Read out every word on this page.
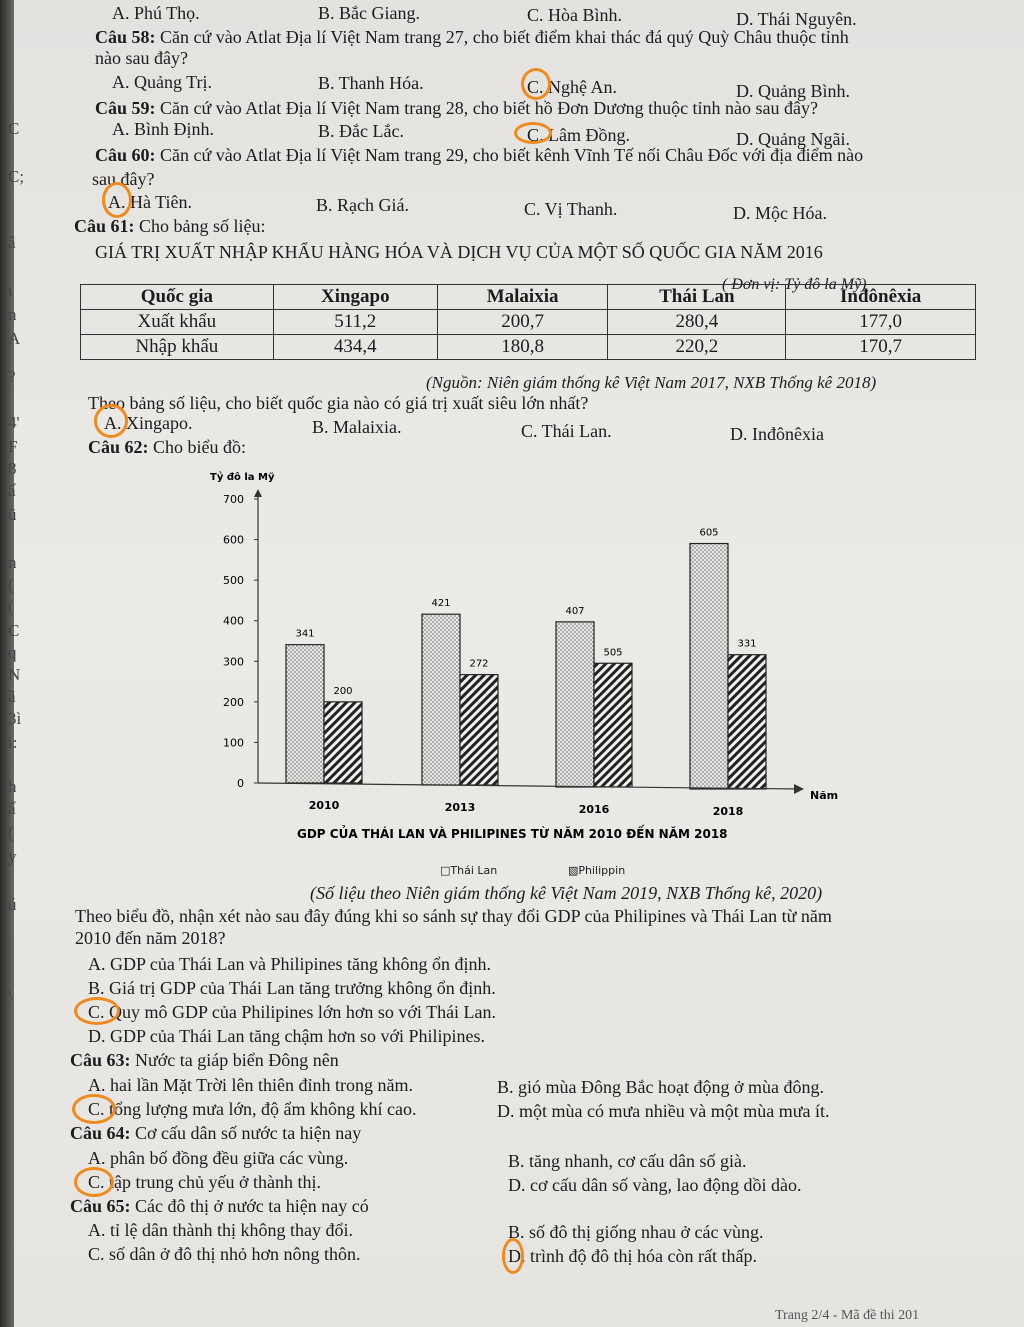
C
C;
â
ι
n
A
?
4'
F
8
ấ
ũ
n
(
(
C
q
N
ã
3ì
i:
h
ấ
(
y
ú
\
A. Phú Thọ.	B. Bắc Giang.	C. Hòa Bình.	D. Thái Nguyên.
Câu 58: Căn cứ vào Atlat Địa lí Việt Nam trang 27, cho biết điểm khai thác đá quý Quỳ Châu thuộc tỉnh
nào sau đây?
A. Quảng Trị.	B. Thanh Hóa.	C. Nghệ An.	D. Quảng Bình.
Câu 59: Căn cứ vào Atlat Địa lí Việt Nam trang 28, cho biết hồ Đơn Dương thuộc tỉnh nào sau đây?
A. Bình Định.	B. Đắc Lắc.	C. Lâm Đồng.	D. Quảng Ngãi.
Câu 60: Căn cứ vào Atlat Địa lí Việt Nam trang 29, cho biết kênh Vĩnh Tế nối Châu Đốc với địa điểm nào
sau đây?
A. Hà Tiên.	B. Rạch Giá.	C. Vị Thanh.	D. Mộc Hóa.
Câu 61: Cho bảng số liệu:
GIÁ TRỊ XUẤT NHẬP KHẨU HÀNG HÓA VÀ DỊCH VỤ CỦA MỘT SỐ QUỐC GIA NĂM 2016
( Đơn vị: Tỷ đô la Mỹ)
Quốc gia	Xingapo	Malaixia	Thái Lan	Inđônêxia
Xuất khẩu	511,2	200,7	280,4	177,0
Nhập khẩu	434,4	180,8	220,2	170,7
(Nguồn: Niên giám thống kê Việt Nam 2017, NXB Thống kê 2018)
Theo bảng số liệu, cho biết quốc gia nào có giá trị xuất siêu lớn nhất?
A. Xingapo.	B. Malaixia.	C. Thái Lan.	D. Inđônêxia
Câu 62: Cho biểu đồ:
Tỷ đô la Mỹ
0
100
200
300
400
500
600
700
341
200
421
272
407
505
605
331
2010	2013	2016	2018
Năm
GDP CỦA THÁI LAN VÀ PHILIPINES TỪ NĂM 2010 ĐẾN NĂM 2018
□Thái Lan	▧Philippin
(Số liệu theo Niên giám thống kê Việt Nam 2019, NXB Thống kê, 2020)
Theo biểu đồ, nhận xét nào sau đây đúng khi so sánh sự thay đổi GDP của Philipines và Thái Lan từ năm
2010 đến năm 2018?
A. GDP của Thái Lan và Philipines tăng không ổn định.
B. Giá trị GDP của Thái Lan tăng trưởng không ổn định.
C. Quy mô GDP của Philipines lớn hơn so với Thái Lan.
D. GDP của Thái Lan tăng chậm hơn so với Philipines.
Câu 63: Nước ta giáp biển Đông nên
A. hai lần Mặt Trời lên thiên đỉnh trong năm.	B. gió mùa Đông Bắc hoạt động ở mùa đông.
C. tổng lượng mưa lớn, độ ẩm không khí cao.	D. một mùa có mưa nhiều và một mùa mưa ít.
Câu 64: Cơ cấu dân số nước ta hiện nay
A. phân bố đồng đều giữa các vùng.	B. tăng nhanh, cơ cấu dân số già.
C. tập trung chủ yếu ở thành thị.	D. cơ cấu dân số vàng, lao động dồi dào.
Câu 65: Các đô thị ở nước ta hiện nay có
A. tỉ lệ dân thành thị không thay đổi.	B. số đô thị giống nhau ở các vùng.
C. số dân ở đô thị nhỏ hơn nông thôn.	D. trình độ đô thị hóa còn rất thấp.
Trang 2/4 - Mã đề thi 201
